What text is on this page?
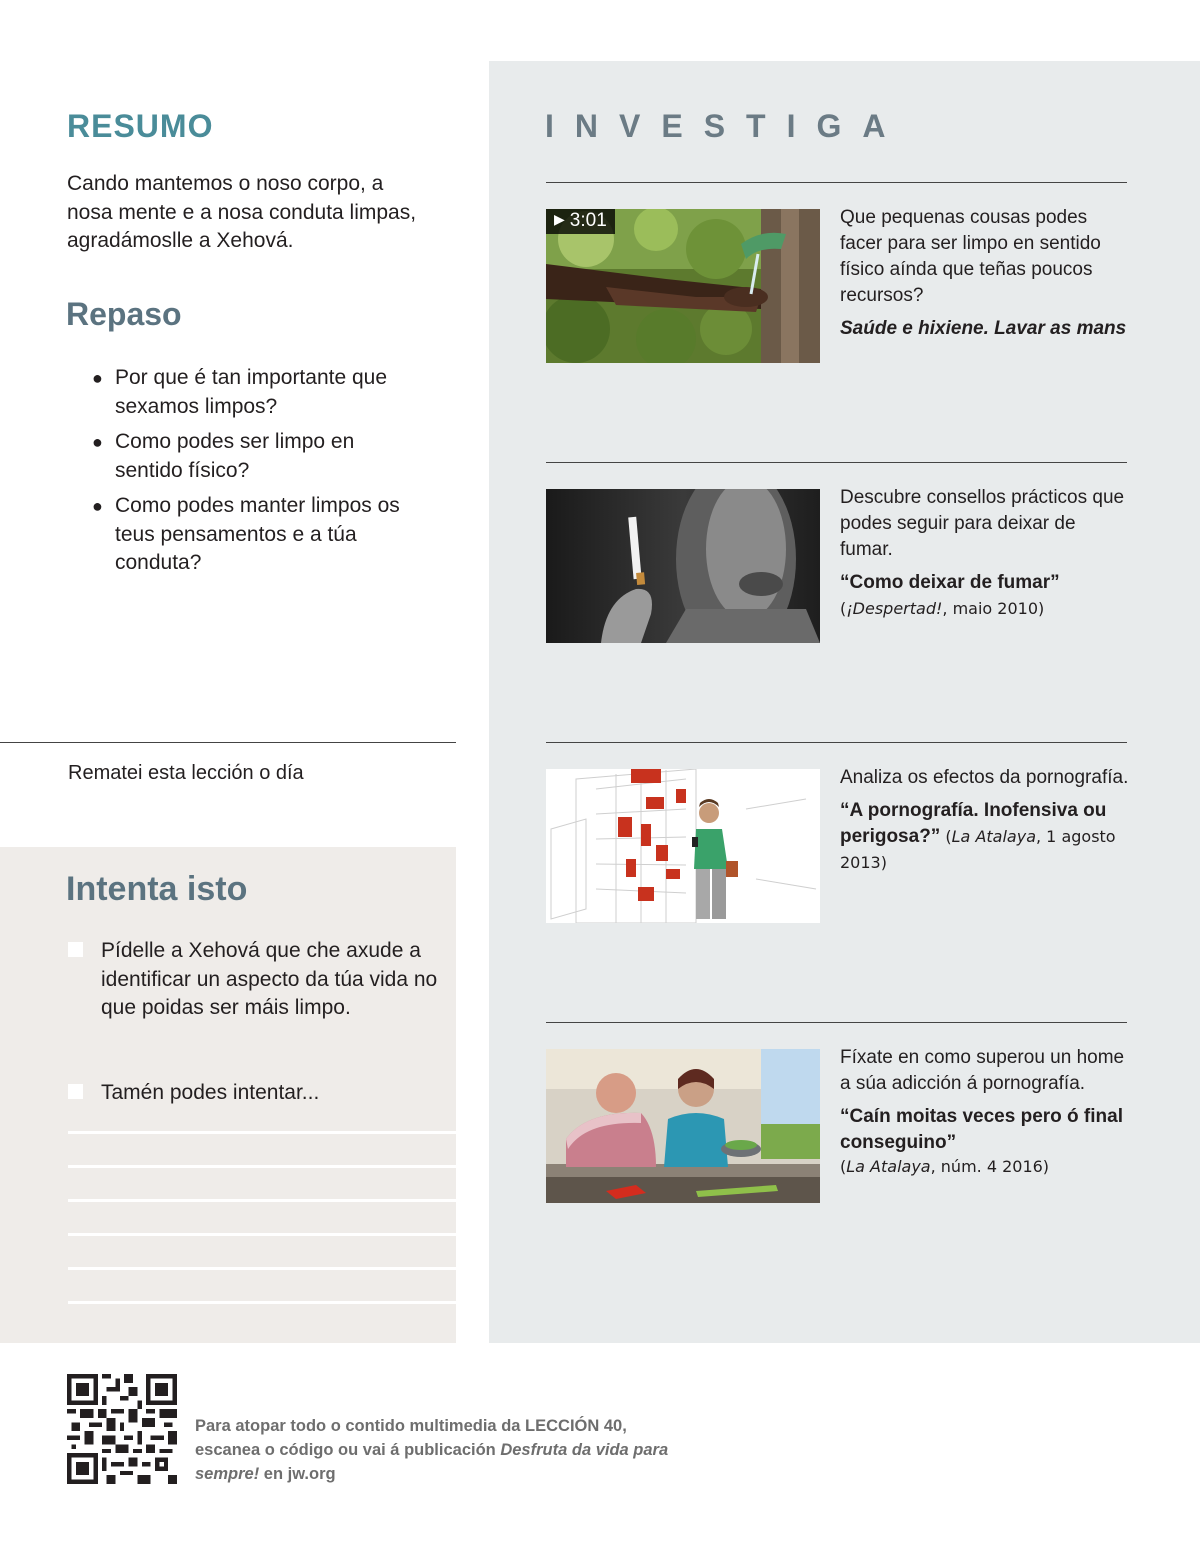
RESUMO

Cando mantemos o noso corpo, a nosa mente e a nosa conduta limpas, agradámoslle a Xehová.

Repaso
● Por que é tan importante que sexamos limpos?
● Como podes ser limpo en sentido físico?
● Como podes manter limpos os teus pensamentos e a túa conduta?
Rematei esta lección o día
Intenta isto
Pídelle a Xehová que che axude a identificar un aspecto da túa vida no que poidas ser máis limpo.
Tamén podes intentar...
INVESTIGA
▶ 3:01	Que pequenas cousas podes facer para ser limpo en sentido físico aínda que teñas poucos recursos?

Saúde e hixiene. Lavar as mans

Descubre consellos prácticos que podes seguir para deixar de fumar.

“Como deixar de fumar”

(¡Despertad!, maio 2010)

Analiza os efectos da pornografía.

“A pornografía. Inofensiva ou perigosa?” (La Atalaya, 1 agosto 2013)

Fíxate en como superou un home a súa adicción á pornografía.

“Caín moitas veces pero ó final conseguino”

(La Atalaya, núm. 4 2016)

Para atopar todo o contido multimedia da LECCIÓN 40, escanea o código ou vai á publicación Desfruta da vida para sempre! en jw.org
